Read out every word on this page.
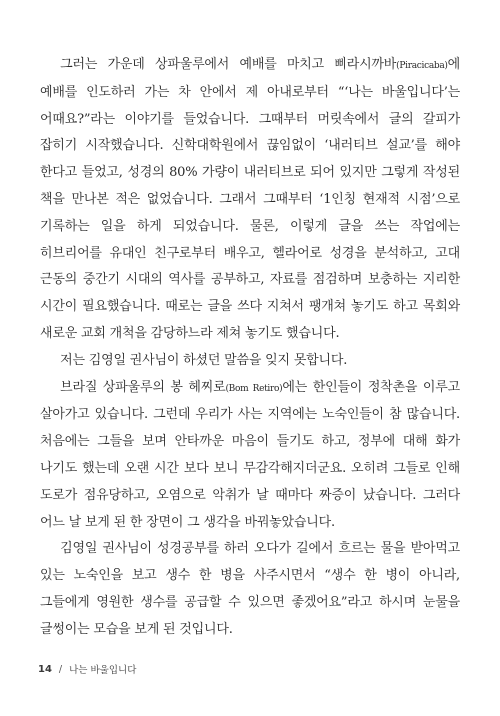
그러는 가운데 상파울루에서 예배를 마치고 삐라시까바(Piracicaba)에 예배를 인도하러 가는 차 안에서 제 아내로부터 “‘나는 바울입니다’는 어때요?”라는 이야기를 들었습니다. 그때부터 머릿속에서 글의 갈피가 잡히기 시작했습니다. 신학대학원에서 끊임없이 ‘내러티브 설교’를 해야 한다고 들었고, 성경의 80% 가량이 내러티브로 되어 있지만 그렇게 작성된 책을 만나본 적은 없었습니다. 그래서 그때부터 ‘1인칭 현재적 시점’으로 기록하는 일을 하게 되었습니다. 물론, 이렇게 글을 쓰는 작업에는 히브리어를 유대인 친구로부터 배우고, 헬라어로 성경을 분석하고, 고대 근동의 중간기 시대의 역사를 공부하고, 자료를 점검하며 보충하는 지리한 시간이 필요했습니다. 때로는 글을 쓰다 지쳐서 팽개쳐 놓기도 하고 목회와 새로운 교회 개척을 감당하느라 제쳐 놓기도 했습니다.

저는 김영일 권사님이 하셨던 말씀을 잊지 못합니다.

브라질 상파울루의 봉 헤찌로(Bom Retiro)에는 한인들이 정착촌을 이루고 살아가고 있습니다. 그런데 우리가 사는 지역에는 노숙인들이 참 많습니다. 처음에는 그들을 보며 안타까운 마음이 들기도 하고, 정부에 대해 화가 나기도 했는데 오랜 시간 보다 보니 무감각해지더군요. 오히려 그들로 인해 도로가 점유당하고, 오염으로 악취가 날 때마다 짜증이 났습니다. 그러다 어느 날 보게 된 한 장면이 그 생각을 바꿔놓았습니다.

김영일 권사님이 성경공부를 하러 오다가 길에서 흐르는 물을 받아먹고 있는 노숙인을 보고 생수 한 병을 사주시면서 “생수 한 병이 아니라, 그들에게 영원한 생수를 공급할 수 있으면 좋겠어요”라고 하시며 눈물을 글썽이는 모습을 보게 된 것입니다.

14 / 나는 바울입니다
